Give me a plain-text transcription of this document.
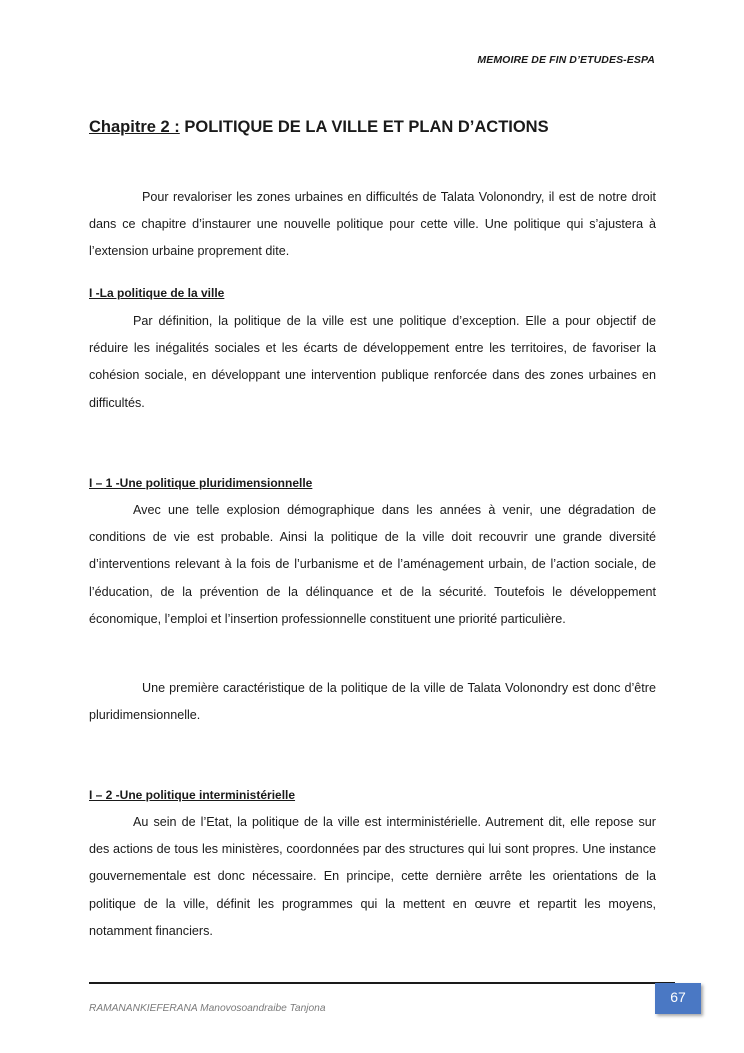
MEMOIRE DE FIN D’ETUDES-ESPA
Chapitre 2 : POLITIQUE DE LA VILLE ET PLAN D’ACTIONS

Pour revaloriser les zones urbaines en difficultés de Talata Volonondry, il est de notre droit dans ce chapitre d’instaurer une nouvelle politique pour cette ville. Une politique qui s’ajustera à l’extension urbaine proprement dite.

I -La politique de la ville

Par définition, la politique de la ville est une politique d’exception. Elle a pour objectif de réduire les inégalités sociales et les écarts de développement entre les territoires, de favoriser la cohésion sociale, en développant une intervention publique renforcée dans des zones urbaines en difficultés.

I – 1 -Une politique pluridimensionnelle

Avec une telle explosion démographique dans les années à venir, une dégradation de conditions de vie est probable. Ainsi la politique de la ville doit recouvrir une grande diversité d’interventions relevant à la fois de l’urbanisme et de l’aménagement urbain, de l’action sociale, de l’éducation, de la prévention de la délinquance et de la sécurité. Toutefois le développement économique, l’emploi et l’insertion professionnelle constituent une priorité particulière.

Une première caractéristique de la politique de la ville de Talata Volonondry est donc d’être pluridimensionnelle.

I – 2 -Une politique interministérielle

Au sein de l’Etat, la politique de la ville est interministérielle. Autrement dit, elle repose sur des actions de tous les ministères, coordonnées par des structures qui lui sont propres. Une instance gouvernementale est donc nécessaire. En principe, cette dernière arrête les orientations de la politique de la ville, définit les programmes qui la mettent en œuvre et repartit les moyens, notamment financiers.

RAMANANKIEFERANA Manovosoandraibe Tanjona
67
